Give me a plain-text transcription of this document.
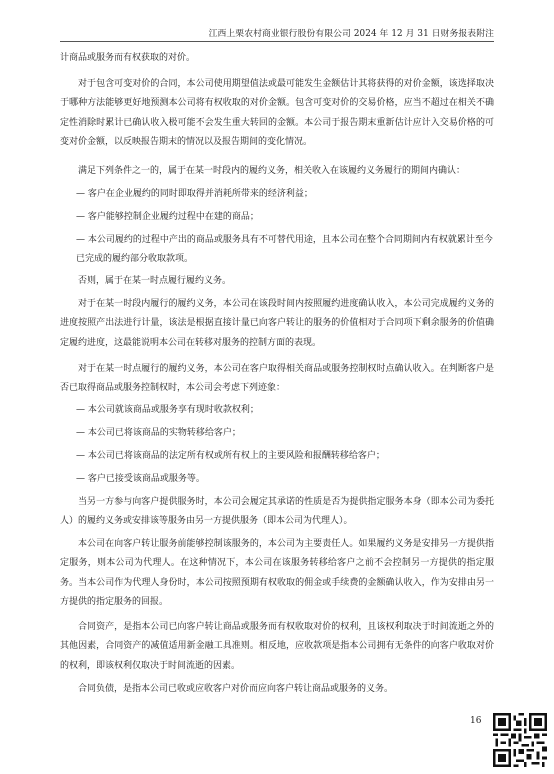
江西上栗农村商业银行股份有限公司 2024 年 12 月 31 日财务报表附注
计商品或服务而有权获取的对价。
对于包含可变对价的合同，本公司使用期望值法或最可能发生金额估计其将获得的对价金额，该选择取决于哪种方法能够更好地预测本公司将有权收取的对价金额。包含可变对价的交易价格，应当不超过在相关不确定性消除时累计已确认收入极可能不会发生重大转回的金额。本公司于报告期末重新估计应计入交易价格的可变对价金额，以反映报告期末的情况以及报告期间的变化情况。
满足下列条件之一的，属于在某一时段内的履约义务，相关收入在该履约义务履行的期间内确认：
— 客户在企业履约的同时即取得并消耗所带来的经济利益；
— 客户能够控制企业履约过程中在建的商品；
— 本公司履约的过程中产出的商品或服务具有不可替代用途，且本公司在整个合同期间内有权就累计至今已完成的履约部分收取款项。
否则，属于在某一时点履行履约义务。
对于在某一时段内履行的履约义务，本公司在该段时间内按照履约进度确认收入，本公司完成履约义务的进度按照产出法进行计量，该法是根据直接计量已向客户转让的服务的价值相对于合同项下剩余服务的价值确定履约进度，这最能说明本公司在转移对服务的控制方面的表现。
对于在某一时点履行的履约义务，本公司在客户取得相关商品或服务控制权时点确认收入。在判断客户是否已取得商品或服务控制权时，本公司会考虑下列迹象：
— 本公司就该商品或服务享有现时收款权利；
— 本公司已将该商品的实物转移给客户；
— 本公司已将该商品的法定所有权或所有权上的主要风险和报酬转移给客户；
— 客户已接受该商品或服务等。
当另一方参与向客户提供服务时，本公司会履定其承诺的性质是否为提供指定服务本身（即本公司为委托人）的履约义务或安排该等服务由另一方提供服务（即本公司为代理人）。
本公司在向客户转让服务前能够控制该服务的，本公司为主要责任人。如果履约义务是安排另一方提供指定服务，则本公司为代理人。在这种情况下，本公司在该服务转移给客户之前不会控制另一方提供的指定服务。当本公司作为代理人身份时，本公司按照预期有权收取的佣金或手续费的金额确认收入，作为安排由另一方提供的指定服务的回报。
合同资产，是指本公司已向客户转让商品或服务而有权收取对价的权利，且该权利取决于时间流逝之外的其他因素，合同资产的减值适用新金融工具准则。相反地，应收款项是指本公司拥有无条件的向客户收取对价的权利，即该权利仅取决于时间流逝的因素。
合同负债，是指本公司已收或应收客户对价而应向客户转让商品或服务的义务。
16
